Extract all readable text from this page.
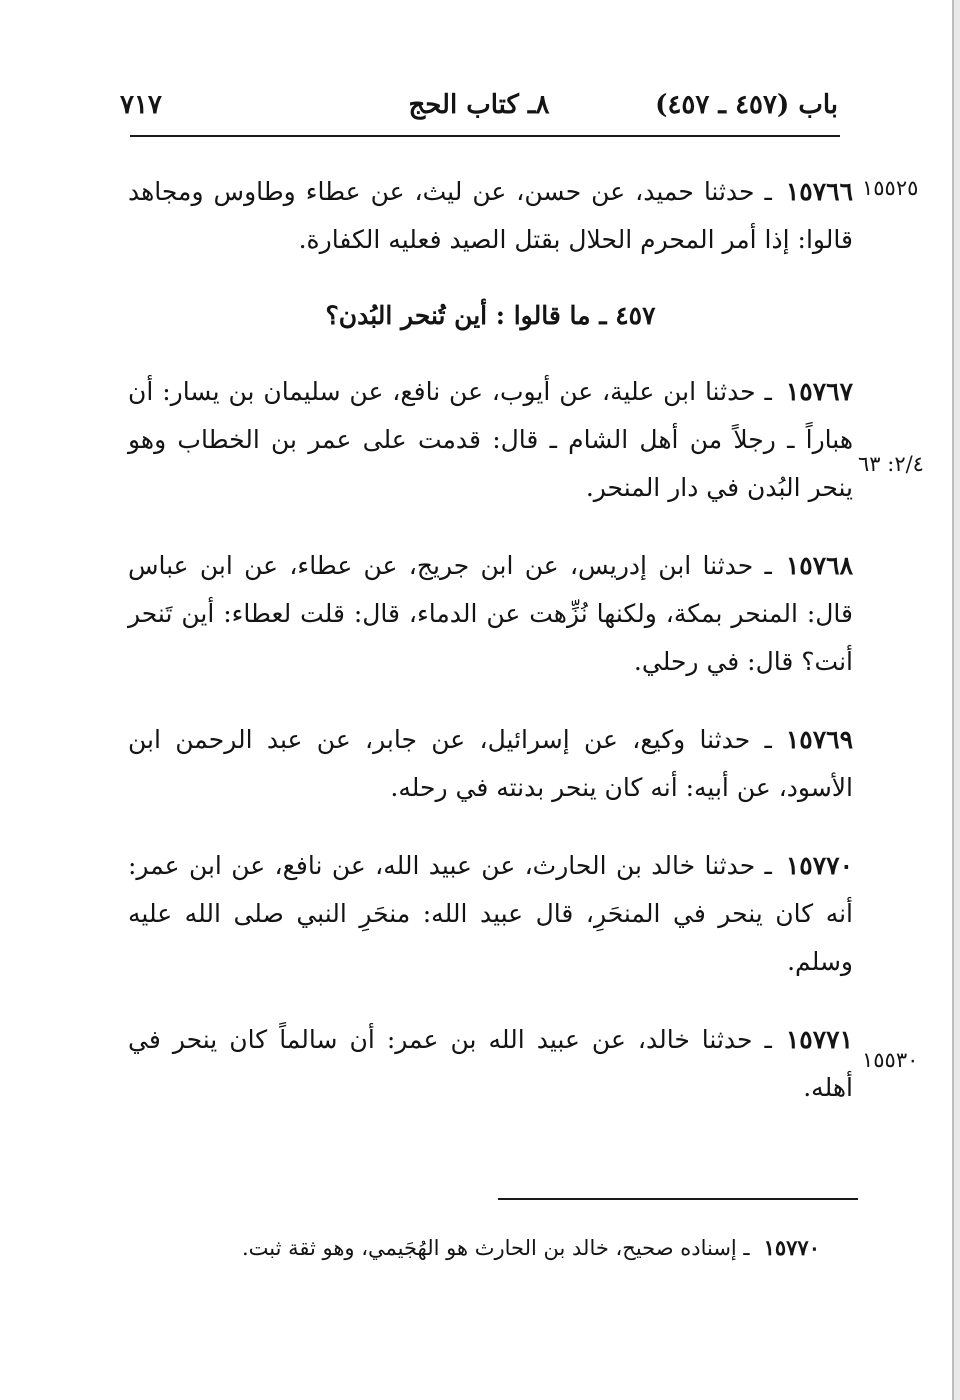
باب (٤٥٧ ـ ٤٥٧)
٨ـ كتاب الحج
٧١٧
١٥٥٢٥
٢/٤: ٦٣
١٥٥٣٠

١٥٧٦٦ـ حدثنا حميد، عن حسن، عن ليث، عن عطاء وطاوس ومجاهد قالوا: إذا أمر المحرم الحلال بقتل الصيد فعليه الكفارة.

٤٥٧ ـ ما قالوا : أين تُنحر البُدن؟

١٥٧٦٧ـ حدثنا ابن علية، عن أيوب، عن نافع، عن سليمان بن يسار: أن هباراً ـ رجلاً من أهل الشام ـ قال: قدمت على عمر بن الخطاب وهو ينحر البُدن في دار المنحر.

١٥٧٦٨ـ حدثنا ابن إدريس، عن ابن جريج، عن عطاء، عن ابن عباس قال: المنحر بمكة، ولكنها نُزِّهت عن الدماء، قال: قلت لعطاء: أين تَنحر أنت؟ قال: في رحلي.

١٥٧٦٩ـ حدثنا وكيع، عن إسرائيل، عن جابر، عن عبد الرحمن ابن الأسود، عن أبيه: أنه كان ينحر بدنته في رحله.

١٥٧٧٠ـ حدثنا خالد بن الحارث، عن عبيد الله، عن نافع، عن ابن عمر: أنه كان ينحر في المنحَرِ، قال عبيد الله: منحَرِ النبي صلى الله عليه وسلم.

١٥٧٧١ـ حدثنا خالد، عن عبيد الله بن عمر: أن سالماً كان ينحر في أهله.

١٥٧٧٠ـ إسناده صحيح، خالد بن الحارث هو الهُجَيمي، وهو ثقة ثبت.
